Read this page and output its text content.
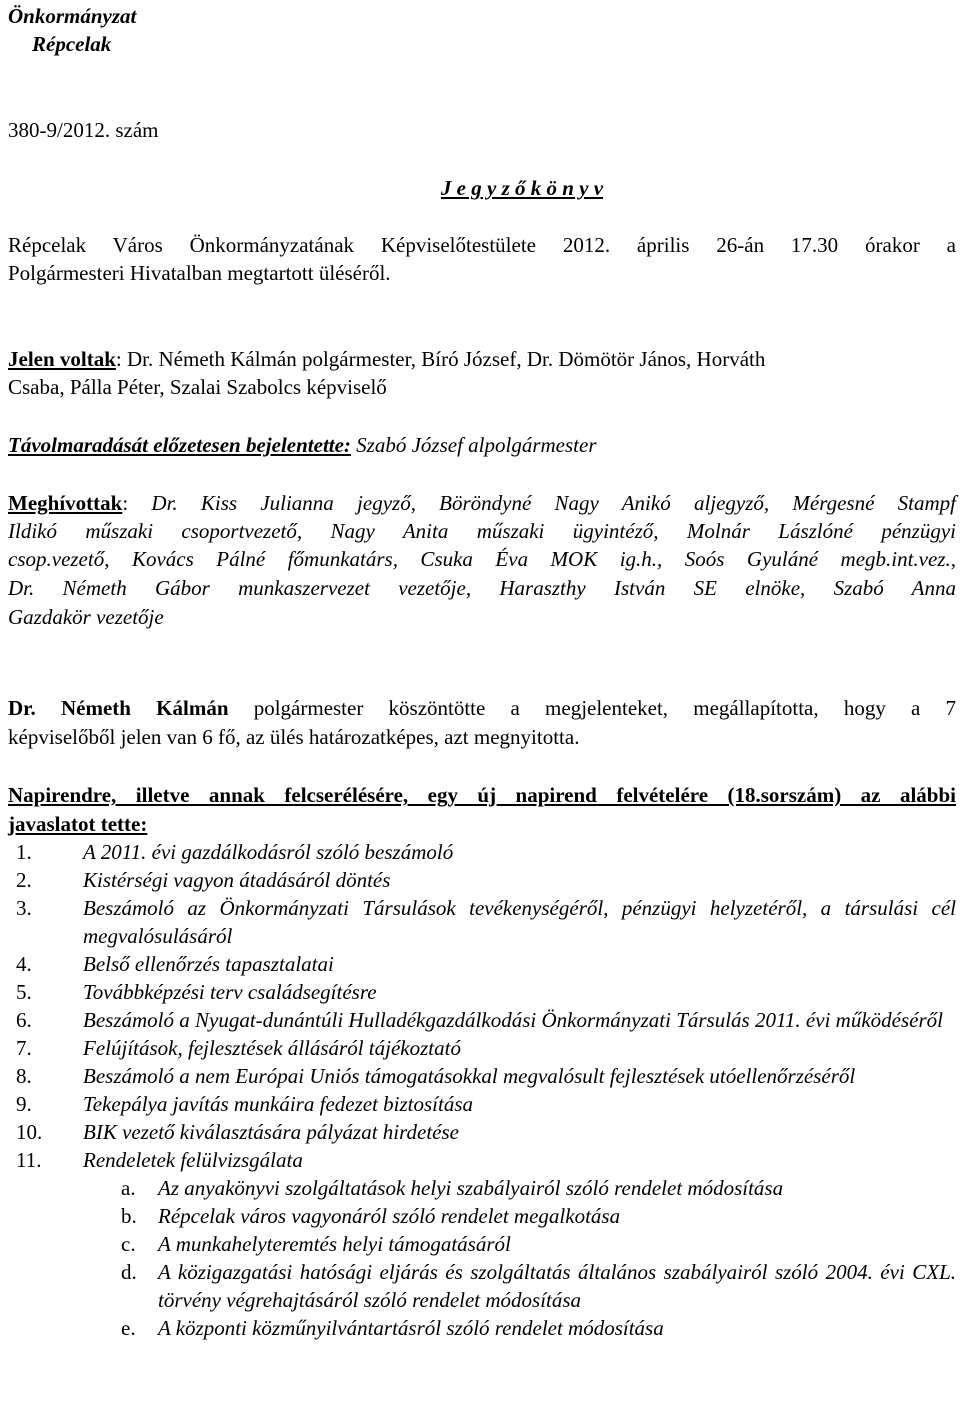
Önkormányzat
Répcelak
380-9/2012. szám
J e g y z ő k ö n y v
Répcelak Város Önkormányzatának Képviselőtestülete 2012. április 26-án 17.30 órakor a
Polgármesteri Hivatalban megtartott üléséről.
Jelen voltak: Dr. Németh Kálmán polgármester, Bíró József, Dr. Dömötör János, Horváth
Csaba, Pálla Péter, Szalai Szabolcs képviselő
Távolmaradását előzetesen bejelentette: Szabó József alpolgármester
Meghívottak: Dr. Kiss Julianna jegyző, Böröndyné Nagy Anikó aljegyző, Mérgesné Stampf
Ildikó műszaki csoportvezető, Nagy Anita műszaki ügyintéző, Molnár Lászlóné pénzügyi
csop.vezető, Kovács Pálné főmunkatárs, Csuka Éva MOK ig.h., Soós Gyuláné megb.int.vez.,
Dr. Németh Gábor munkaszervezet vezetője, Haraszthy István SE elnöke, Szabó Anna
Gazdakör vezetője
Dr. Németh Kálmán polgármester köszöntötte a megjelenteket, megállapította, hogy a 7
képviselőből jelen van 6 fő, az ülés határozatképes, azt megnyitotta.
Napirendre, illetve annak felcserélésére, egy új napirend felvételére (18.sorszám) az alábbi
javaslatot tette:
1.	A 2011. évi gazdálkodásról szóló beszámoló
2.	Kistérségi vagyon átadásáról döntés
3.	Beszámoló az Önkormányzati Társulások tevékenységéről, pénzügyi helyzetéről, a társulási cél megvalósulásáról
4.	Belső ellenőrzés tapasztalatai
5.	Továbbképzési terv családsegítésre
6.	Beszámoló a Nyugat-dunántúli Hulladékgazdálkodási Önkormányzati Társulás 2011. évi működéséről
7.	Felújítások, fejlesztések állásáról tájékoztató
8.	Beszámoló a nem Európai Uniós támogatásokkal megvalósult fejlesztések utóellenőrzéséről
9.	Tekepálya javítás munkáira fedezet biztosítása
10.	BIK vezető kiválasztására pályázat hirdetése
11.	Rendeletek felülvizsgálata
a.	Az anyakönyvi szolgáltatások helyi szabályairól szóló rendelet módosítása
b.	Répcelak város vagyonáról szóló rendelet megalkotása
c.	A munkahelyteremtés helyi támogatásáról
d.	A közigazgatási hatósági eljárás és szolgáltatás általános szabályairól szóló 2004. évi CXL. törvény végrehajtásáról szóló rendelet módosítása
e.	A központi közműnyilvántartásról szóló rendelet módosítása
